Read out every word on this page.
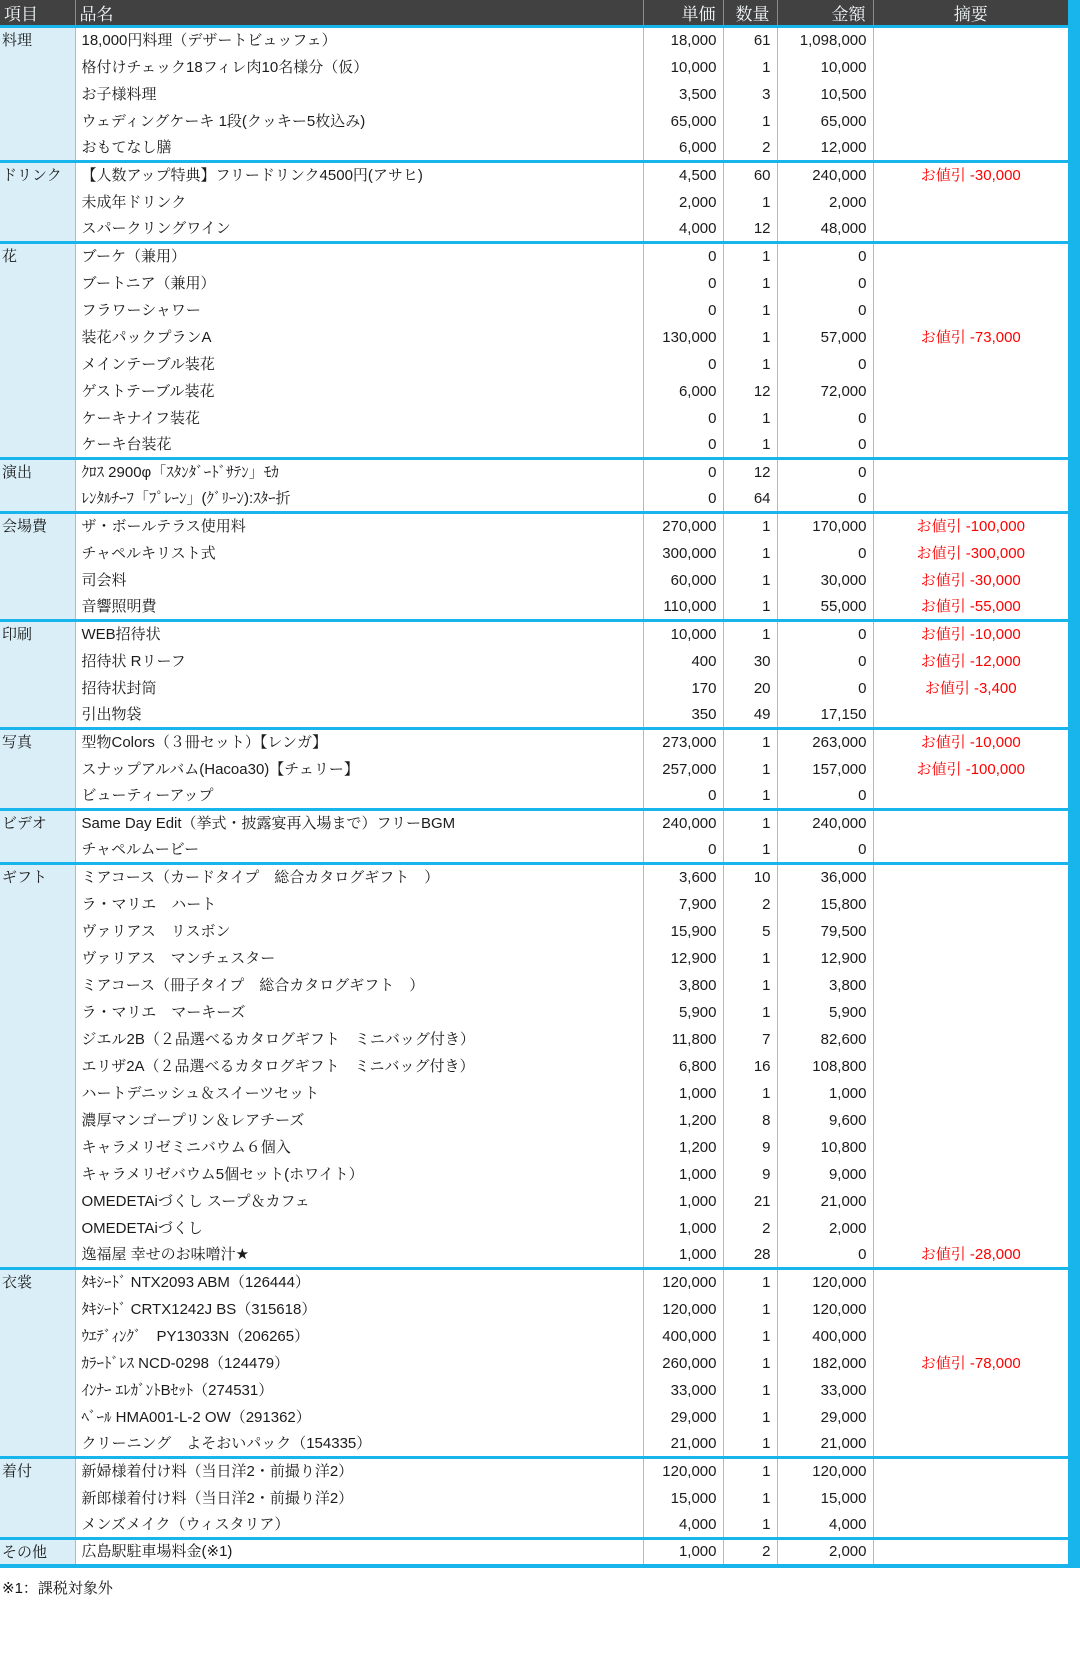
項目	品名	単価	数量	金額	摘要
料理	18,000円料理（デザートビュッフェ）	18,000	61	1,098,000	
	格付けチェック18フィレ肉10名様分（仮）	10,000	1	10,000	
	お子様料理	3,500	3	10,500	
	ウェディングケーキ 1段(クッキー5枚込み)	65,000	1	65,000	
	おもてなし膳	6,000	2	12,000	
ドリンク	【人数アップ特典】フリードリンク4500円(アサヒ)	4,500	60	240,000	お値引 -30,000
	未成年ドリンク	2,000	1	2,000	
	スパークリングワイン	4,000	12	48,000	
花	ブーケ（兼用）	0	1	0	
	ブートニア（兼用）	0	1	0	
	フラワーシャワー	0	1	0	
	装花パックプランA	130,000	1	57,000	お値引 -73,000
	メインテーブル装花	0	1	0	
	ゲストテーブル装花	6,000	12	72,000	
	ケーキナイフ装花	0	1	0	
	ケーキ台装花	0	1	0	
演出	ｸﾛｽ 2900φ「ｽﾀﾝﾀﾞｰﾄﾞｻﾃﾝ」ﾓｶ	0	12	0	
	ﾚﾝﾀﾙﾁｰﾌ「ﾌﾟﾚｰﾝ」(ｸﾞﾘｰﾝ):ｽﾀｰ折	0	64	0	
会場費	ザ・ボールテラス使用料	270,000	1	170,000	お値引 -100,000
	チャペルキリスト式	300,000	1	0	お値引 -300,000
	司会料	60,000	1	30,000	お値引 -30,000
	音響照明費	110,000	1	55,000	お値引 -55,000
印刷	WEB招待状	10,000	1	0	お値引 -10,000
	招待状 Rリーフ	400	30	0	お値引 -12,000
	招待状封筒	170	20	0	お値引 -3,400
	引出物袋	350	49	17,150	
写真	型物Colors（３冊セット）【レンガ】	273,000	1	263,000	お値引 -10,000
	スナップアルバム(Hacoa30)【チェリー】	257,000	1	157,000	お値引 -100,000
	ビューティーアップ	0	1	0	
ビデオ	Same Day Edit（挙式・披露宴再入場まで）フリーBGM	240,000	1	240,000	
	チャペルムービー	0	1	0	
ギフト	ミアコース（カードタイプ　総合カタログギフト　）	3,600	10	36,000	
	ラ・マリエ　ハート	7,900	2	15,800	
	ヴァリアス　リスボン	15,900	5	79,500	
	ヴァリアス　マンチェスター	12,900	1	12,900	
	ミアコース（冊子タイプ　総合カタログギフト　）	3,800	1	3,800	
	ラ・マリエ　マーキーズ	5,900	1	5,900	
	ジエル2B（２品選べるカタログギフト　ミニバッグ付き）	11,800	7	82,600	
	エリザ2A（２品選べるカタログギフト　ミニバッグ付き）	6,800	16	108,800	
	ハートデニッシュ＆スイーツセット	1,000	1	1,000	
	濃厚マンゴープリン＆レアチーズ	1,200	8	9,600	
	キャラメリゼミニバウム６個入	1,200	9	10,800	
	キャラメリゼバウム5個セット(ホワイト）	1,000	9	9,000	
	OMEDETAiづくし スープ＆カフェ	1,000	21	21,000	
	OMEDETAiづくし	1,000	2	2,000	
	逸福屋 幸せのお味噌汁★	1,000	28	0	お値引 -28,000
衣裳	ﾀｷｼｰﾄﾞ NTX2093 ABM（126444）	120,000	1	120,000	
	ﾀｷｼｰﾄﾞ CRTX1242J BS（315618）	120,000	1	120,000	
	ｳｴﾃﾞｨﾝｸﾞ　PY13033N（206265）	400,000	1	400,000	
	ｶﾗｰﾄﾞﾚｽ NCD-0298（124479）	260,000	1	182,000	お値引 -78,000
	ｲﾝﾅｰ ｴﾚｶﾞﾝﾄBｾｯﾄ（274531）	33,000	1	33,000	
	ﾍﾞｰﾙ HMA001-L-2 OW（291362）	29,000	1	29,000	
	クリーニング　よそおいパック（154335）	21,000	1	21,000	
着付	新婦様着付け料（当日洋2・前撮り洋2）	120,000	1	120,000	
	新郎様着付け料（当日洋2・前撮り洋2）	15,000	1	15,000	
	メンズメイク（ウィスタリア）	4,000	1	4,000	
その他	広島駅駐車場料金(※1)	1,000	2	2,000	
※1：課税対象外
